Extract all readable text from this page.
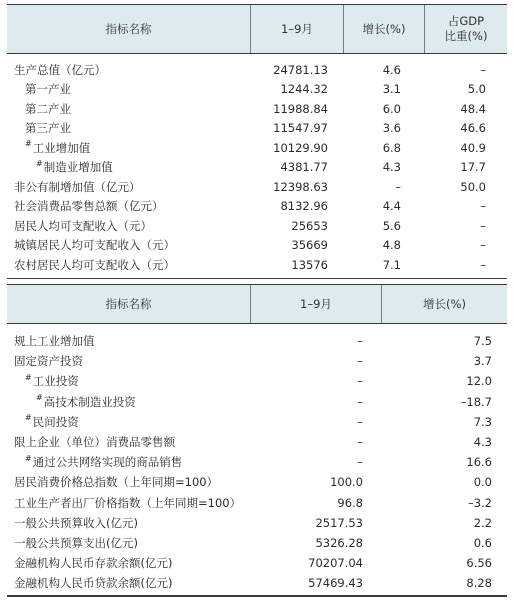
指标名称	1–9月	增长(%)
占GDP
比重(%)
生产总值（亿元）	24781.13	4.6	–
第一产业	1244.32	3.1	5.0
第二产业	11988.84	6.0	48.4
第三产业	11547.97	3.6	46.6
# 工业增加值	10129.90	6.8	40.9
# 制造业增加值	4381.77	4.3	17.7
非公有制增加值（亿元）	12398.63	–	50.0
社会消费品零售总额（亿元）	8132.96	4.4	–
居民人均可支配收入（元）	25653	5.6	–
城镇居民人均可支配收入（元）	35669	4.8	–
农村居民人均可支配收入（元）	13576	7.1	–
指标名称	1–9月	增长(%)
规上工业增加值	–	7.5
固定资产投资	–	3.7
# 工业投资	–	12.0
# 高技术制造业投资	–	–18.7
# 民间投资	–	7.3
限上企业（单位）消费品零售额	–	4.3
# 通过公共网络实现的商品销售	–	16.6
居民消费价格总指数（上年同期=100）	100.0	0.0
工业生产者出厂价格指数（上年同期=100）	96.8	–3.2
一般公共预算收入(亿元)	2517.53	2.2
一般公共预算支出(亿元)	5326.28	0.6
金融机构人民币存款余额(亿元)	70207.04	6.56
金融机构人民币贷款余额(亿元)	57469.43	8.28
